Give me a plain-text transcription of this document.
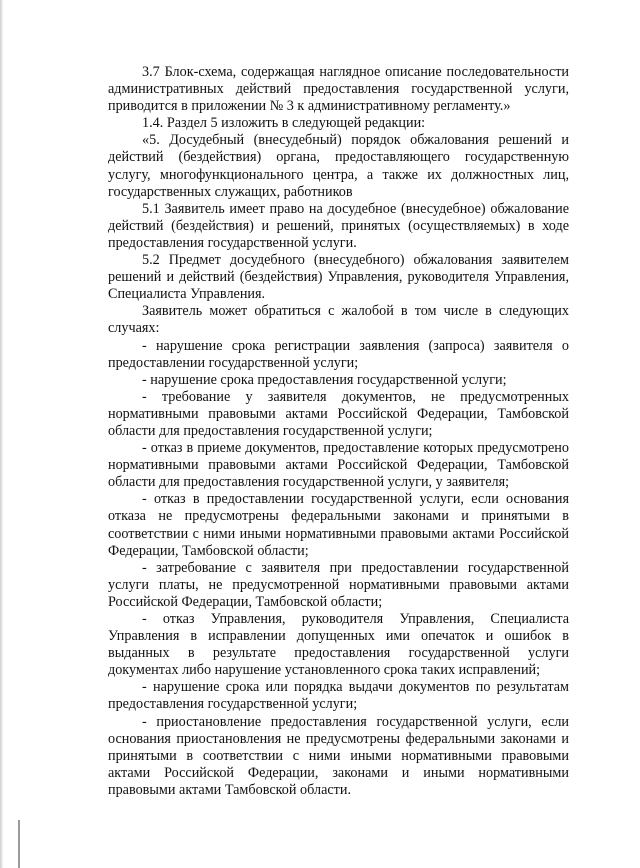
3.7 Блок-схема, содержащая наглядное описание последовательности административных действий предоставления государственной услуги, приводится в приложении № 3 к административному регламенту.»

1.4. Раздел 5 изложить в следующей редакции:

«5. Досудебный (внесудебный) порядок обжалования решений и действий (бездействия) органа, предоставляющего государственную услугу, многофункционального центра, а также их должностных лиц, государственных служащих, работников

5.1 Заявитель имеет право на досудебное (внесудебное) обжалование действий (бездействия) и решений, принятых (осуществляемых) в ходе предоставления государственной услуги.

5.2 Предмет досудебного (внесудебного) обжалования заявителем решений и действий (бездействия) Управления, руководителя Управления, Специалиста Управления.

Заявитель может обратиться с жалобой в том числе в следующих случаях:

- нарушение срока регистрации заявления (запроса) заявителя о предоставлении государственной услуги;

- нарушение срока предоставления государственной услуги;

- требование у заявителя документов, не предусмотренных нормативными правовыми актами Российской Федерации, Тамбовской области для предоставления государственной услуги;

- отказ в приеме документов, предоставление которых предусмотрено нормативными правовыми актами Российской Федерации, Тамбовской области для предоставления государственной услуги, у заявителя;

- отказ в предоставлении государственной услуги, если основания отказа не предусмотрены федеральными законами и принятыми в соответствии с ними иными нормативными правовыми актами Российской Федерации, Тамбовской области;

- затребование с заявителя при предоставлении государственной услуги платы, не предусмотренной нормативными правовыми актами Российской Федерации, Тамбовской области;

- отказ Управления, руководителя Управления, Специалиста Управления в исправлении допущенных ими опечаток и ошибок в выданных в результате предоставления государственной услуги документах либо нарушение установленного срока таких исправлений;

- нарушение срока или порядка выдачи документов по результатам предоставления государственной услуги;

- приостановление предоставления государственной услуги, если основания приостановления не предусмотрены федеральными законами и принятыми в соответствии с ними иными нормативными правовыми актами Российской Федерации, законами и иными нормативными правовыми актами Тамбовской области.
